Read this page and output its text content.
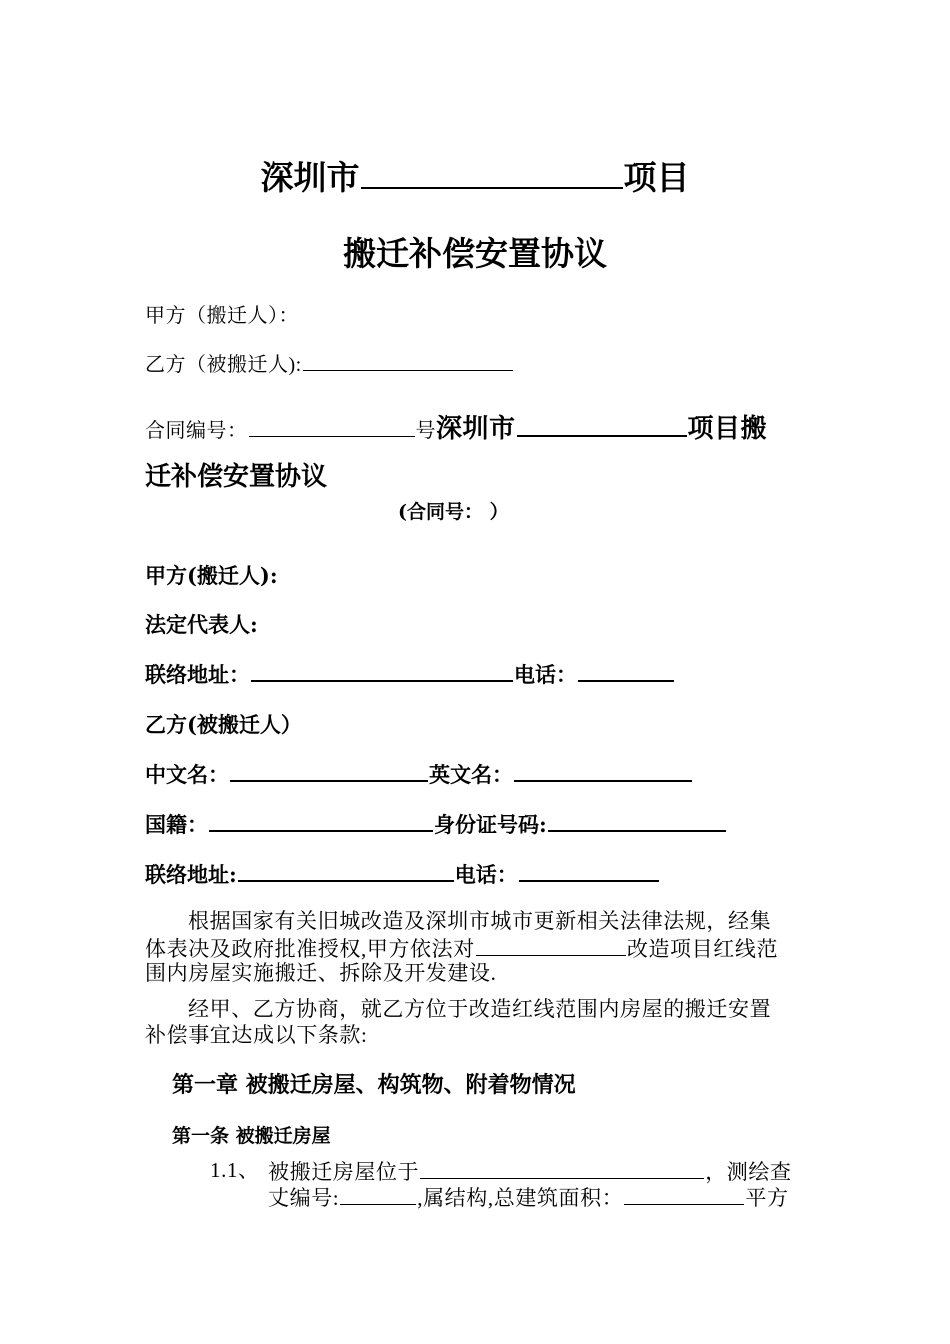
深圳市	项目
搬迁补偿安置协议
甲方（搬迁人）：
乙方（被搬迁人):
合同编号：	号深圳市	项目搬
迁补偿安置协议
(合同号： ）
甲方(搬迁人):
法定代表人:
联络地址：	电话：
乙方(被搬迁人）
中文名：	英文名：
国籍：	身份证号码:
联络地址:	电话：
根据国家有关旧城改造及深圳市城市更新相关法律法规，经集
体表决及政府批准授权,甲方依法对	改造项目红线范
围内房屋实施搬迁、拆除及开发建设.
经甲、乙方协商，就乙方位于改造红线范围内房屋的搬迁安置
补偿事宜达成以下条款:
第一章 被搬迁房屋、构筑物、附着物情况
第一条 被搬迁房屋
1.1、 被搬迁房屋位于	，测绘查
丈编号:	,属结构,总建筑面积：	平方
